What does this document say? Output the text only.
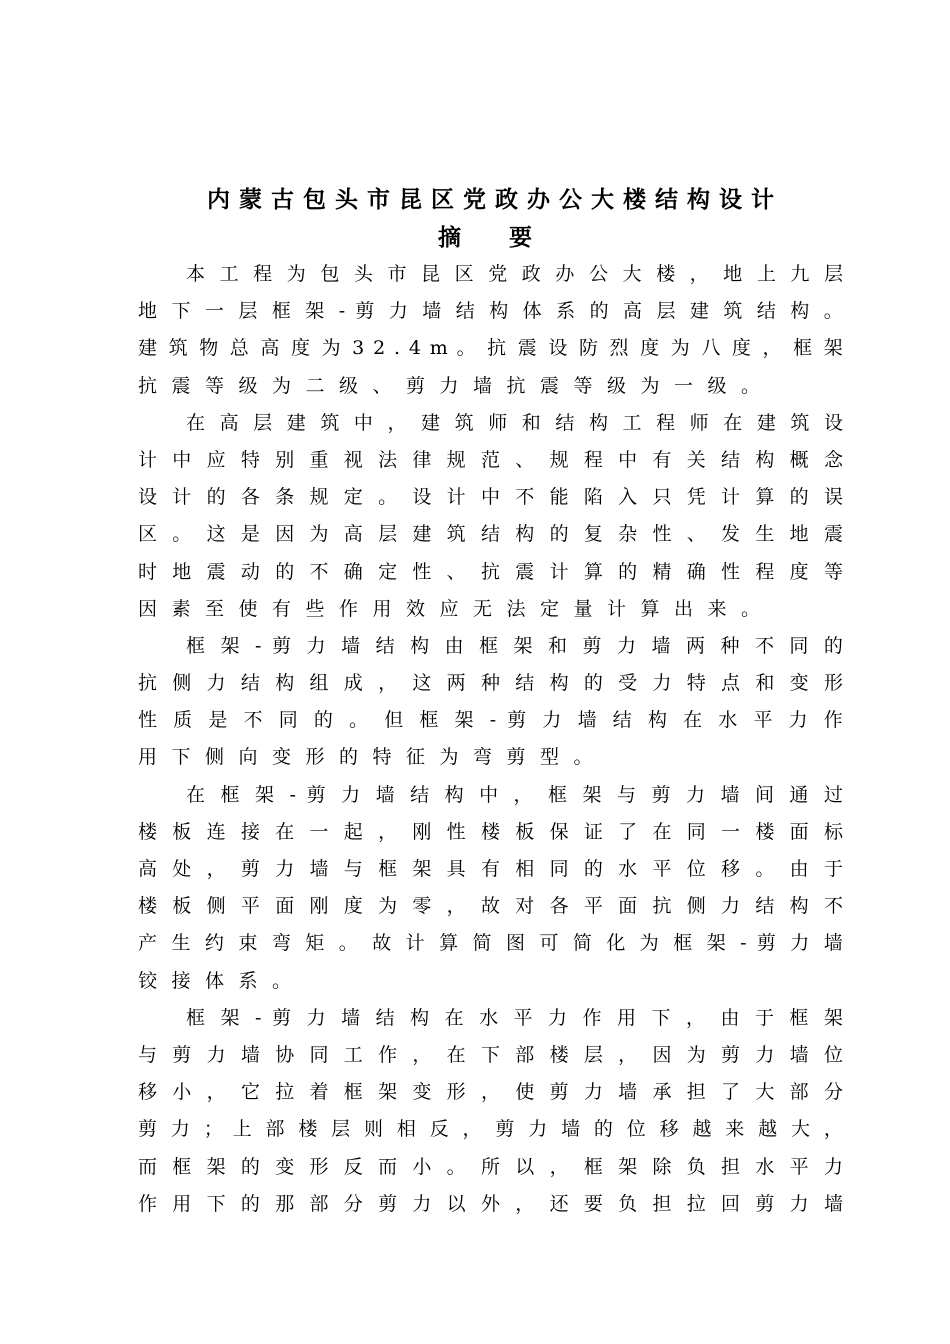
内蒙古包头市昆区党政办公大楼结构设计
摘 要
本 工 程 为 包 头 市 昆 区 党 政 办 公 大 楼 ， 地 上 九 层
地 下 一 层 框 架 - 剪 力 墙 结 构 体 系 的 高 层 建 筑 结 构 。
建 筑 物 总 高 度 为 3 2 . 4 m 。 抗 震 设 防 烈 度 为 八 度 ， 框 架
抗震等级为二级、剪力墙抗震等级为一级。
在 高 层 建 筑 中 ， 建 筑 师 和 结 构 工 程 师 在 建 筑 设
计 中 应 特 别 重 视 法 律 规 范 、 规 程 中 有 关 结 构 概 念
设 计 的 各 条 规 定 。 设 计 中 不 能 陷 入 只 凭 计 算 的 误
区 。 这 是 因 为 高 层 建 筑 结 构 的 复 杂 性 、 发 生 地 震
时 地 震 动 的 不 确 定 性 、 抗 震 计 算 的 精 确 性 程 度 等
因素至使有些作用效应无法定量计算出来。
框 架 - 剪 力 墙 结 构 由 框 架 和 剪 力 墙 两 种 不 同 的
抗 侧 力 结 构 组 成 ， 这 两 种 结 构 的 受 力 特 点 和 变 形
性 质 是 不 同 的 。 但 框 架 - 剪 力 墙 结 构 在 水 平 力 作
用下侧向变形的特征为弯剪型。
在 框 架 - 剪 力 墙 结 构 中 ， 框 架 与 剪 力 墙 间 通 过
楼 板 连 接 在 一 起 ， 刚 性 楼 板 保 证 了 在 同 一 楼 面 标
高 处 ， 剪 力 墙 与 框 架 具 有 相 同 的 水 平 位 移 。 由 于
楼 板 侧 平 面 刚 度 为 零 ， 故 对 各 平 面 抗 侧 力 结 构 不
产 生 约 束 弯 矩 。 故 计 算 简 图 可 简 化 为 框 架 - 剪 力 墙
铰接体系。
框 架 - 剪 力 墙 结 构 在 水 平 力 作 用 下 ， 由 于 框 架
与 剪 力 墙 协 同 工 作 ， 在 下 部 楼 层 ， 因 为 剪 力 墙 位
移 小 ， 它 拉 着 框 架 变 形 ， 使 剪 力 墙 承 担 了 大 部 分
剪 力 ； 上 部 楼 层 则 相 反 ， 剪 力 墙 的 位 移 越 来 越 大 ，
而 框 架 的 变 形 反 而 小 。 所 以 ， 框 架 除 负 担 水 平 力
作 用 下 的 那 部 分 剪 力 以 外 ， 还 要 负 担 拉 回 剪 力 墙
